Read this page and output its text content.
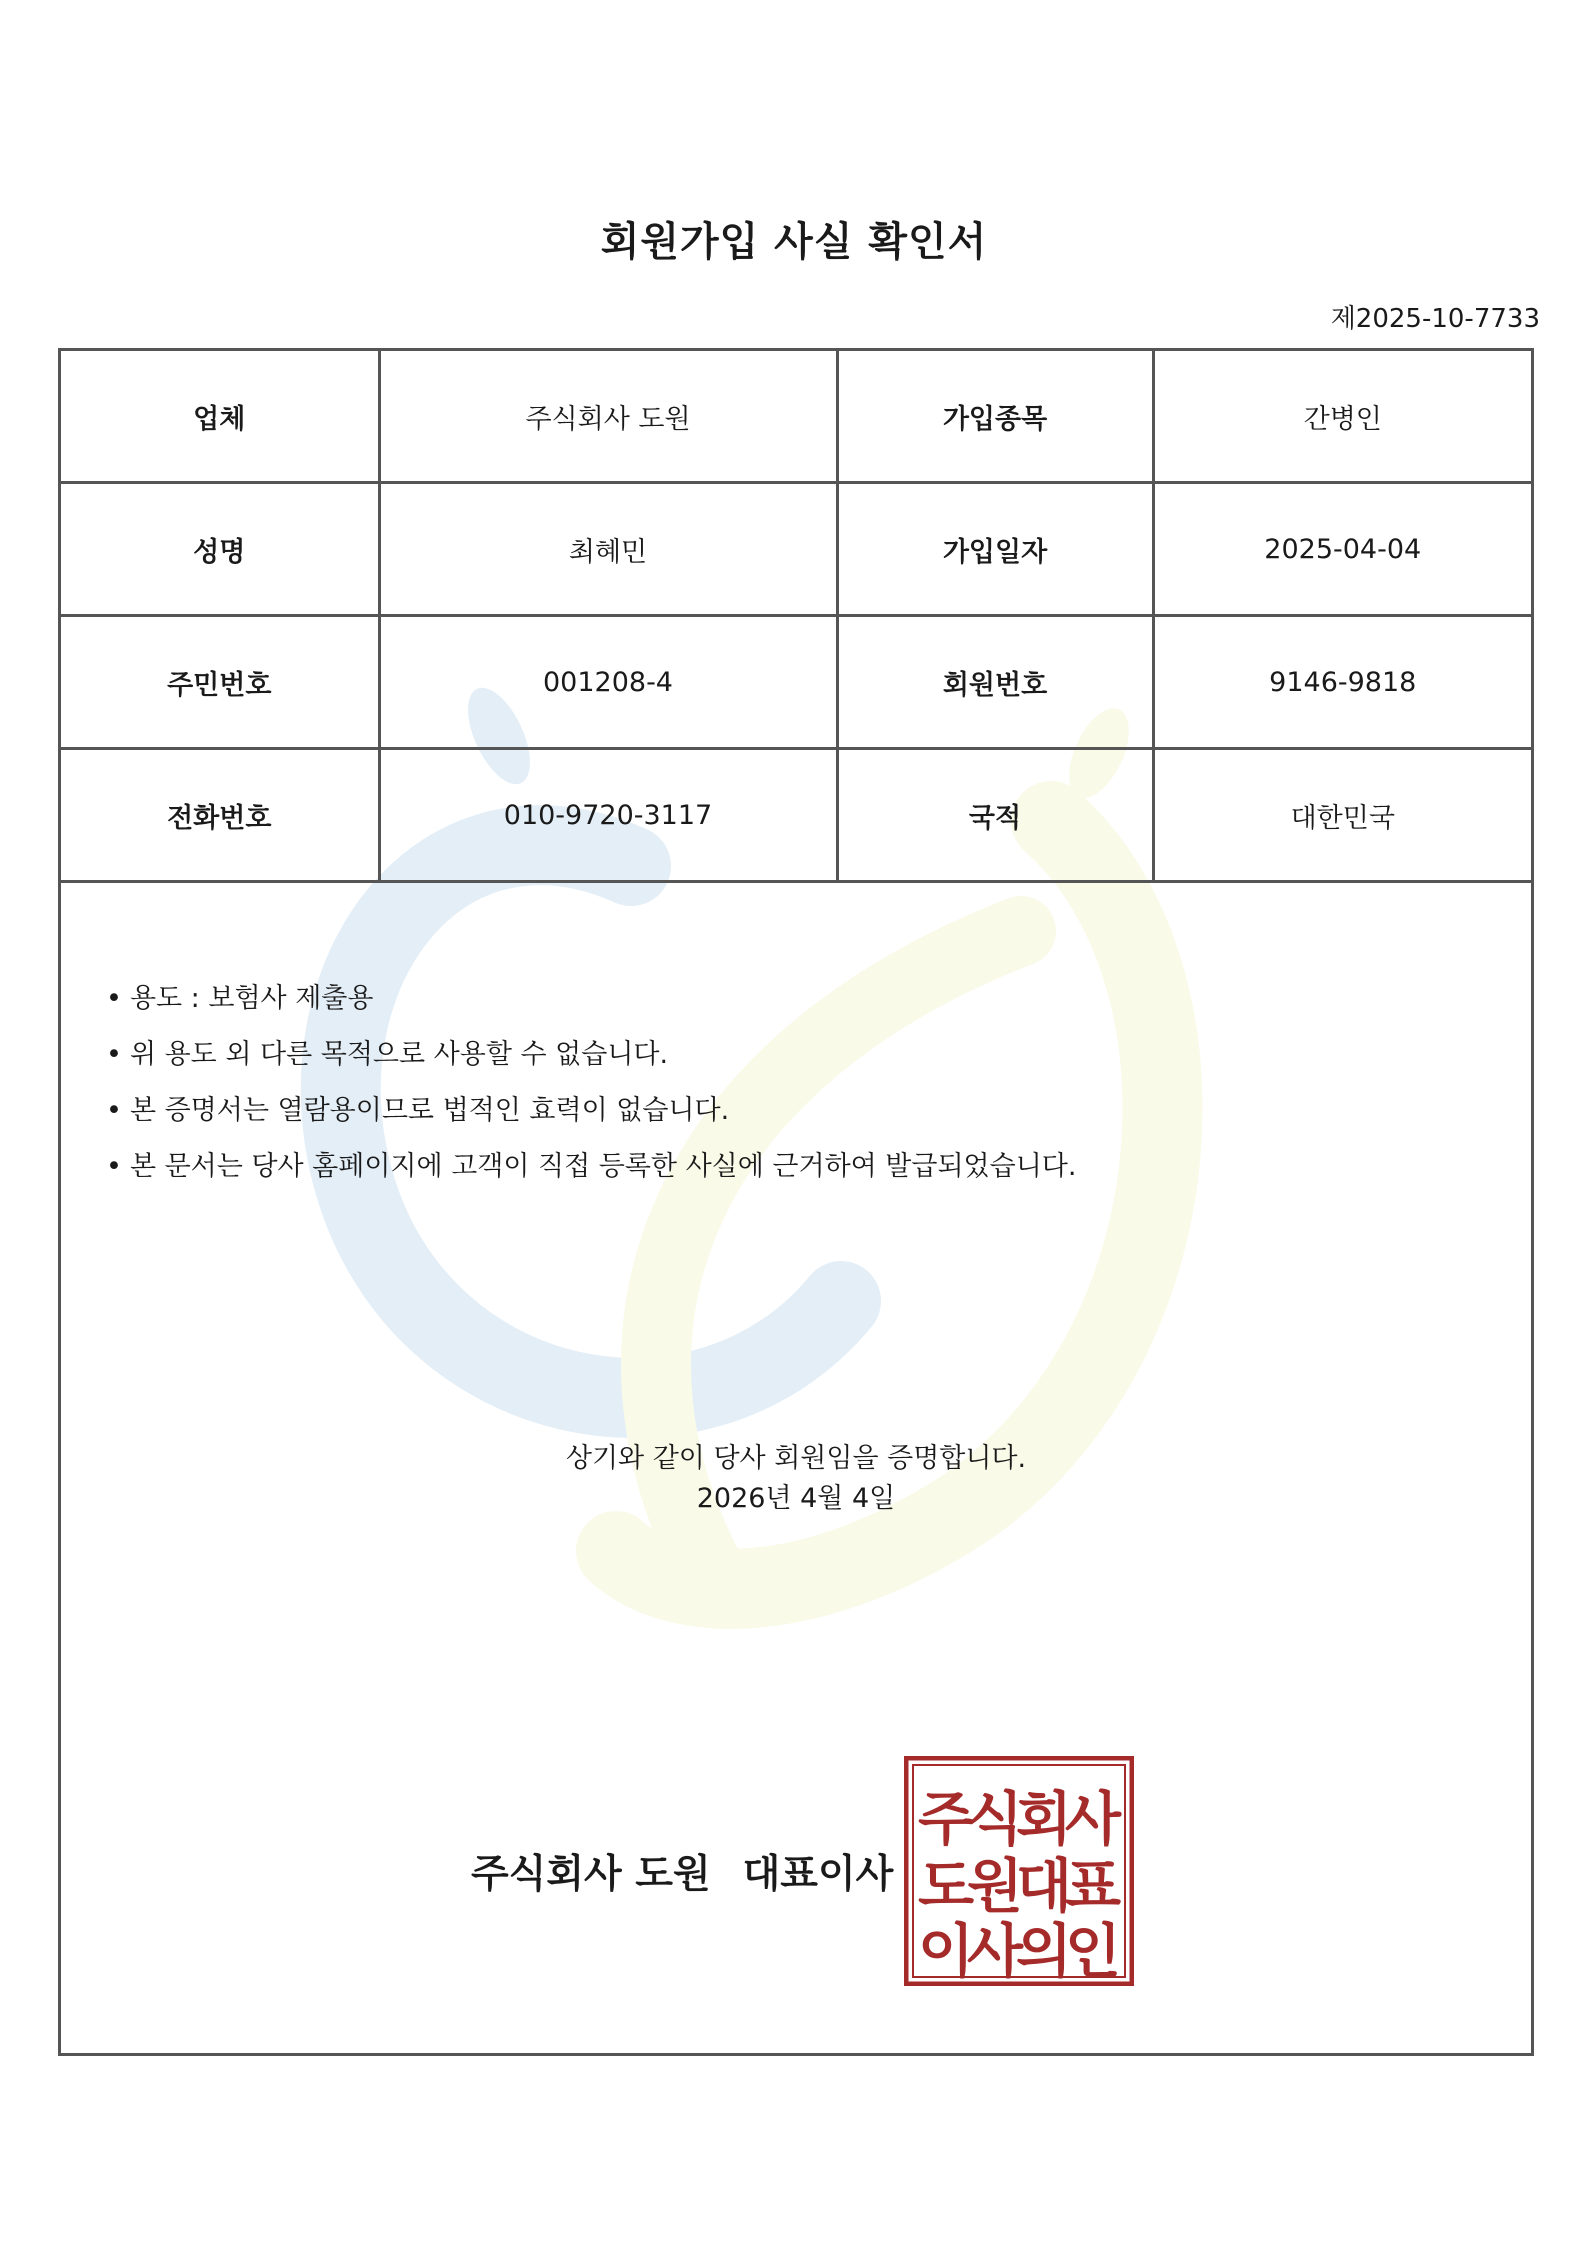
회원가입 사실 확인서
제2025-10-7733
업체	주식회사 도원	가입종목	간병인
성명	최혜민	가입일자	2025-04-04
주민번호	001208-4	회원번호	9146-9818
전화번호	010-9720-3117	국적	대한민국
• 용도 : 보험사 제출용
• 위 용도 외 다른 목적으로 사용할 수 없습니다.
• 본 증명서는 열람용이므로 법적인 효력이 없습니다.
• 본 문서는 당사 홈페이지에 고객이 직접 등록한 사실에 근거하여 발급되었습니다.
상기와 같이 당사 회원임을 증명합니다.
2026년 4월 4일
주식회사 도원 대표이사
주
식
회
사
도
원
대
표
이
사
의
인
